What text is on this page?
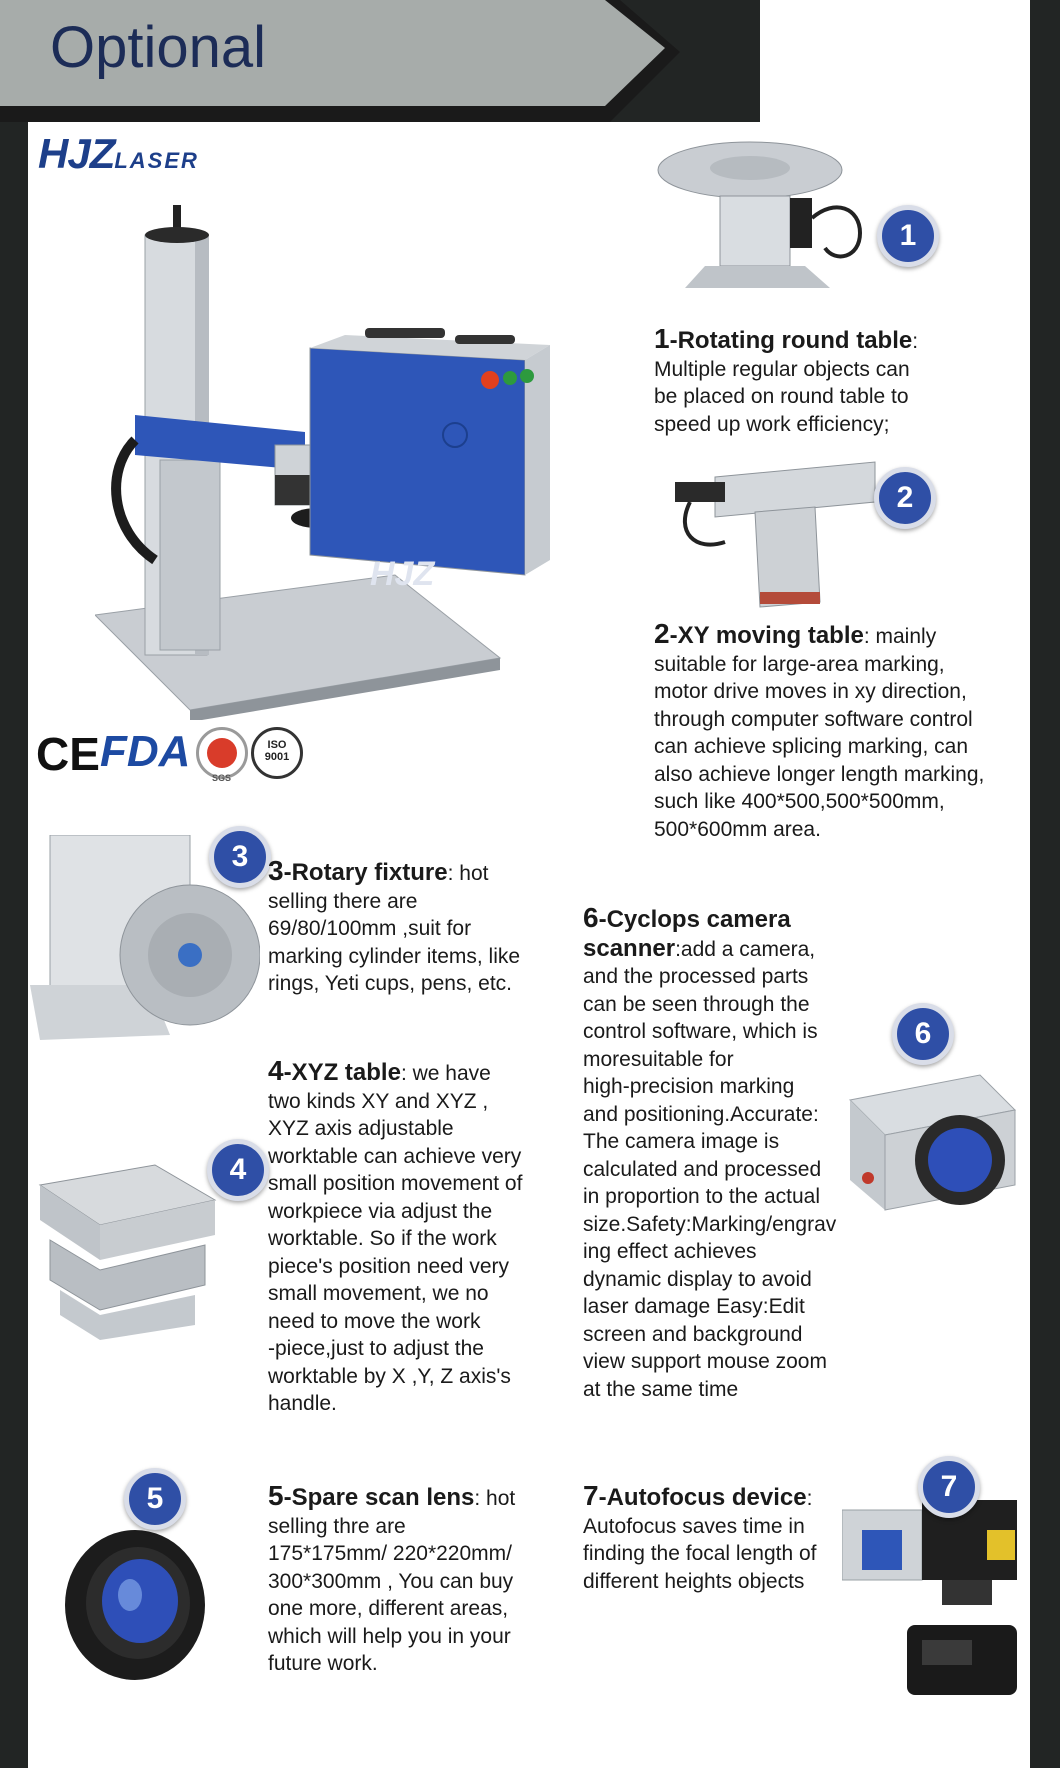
Optional
HJZLASER
HJZ
CE FDA
SGS
ISO
9001
1
1-Rotating round table:
Multiple regular objects can
be placed on round table to
speed up work efficiency;
2
2-XY moving table: mainly
suitable for large-area marking,
motor drive moves in xy direction,
through computer software control
can achieve splicing marking, can
also achieve longer length marking,
such like 400*500,500*500mm,
500*600mm area.
3 3-Rotary fixture: hot
selling there are
69/80/100mm ,suit for
marking cylinder items, like
rings, Yeti cups, pens, etc.
4
4-XYZ table: we have
two kinds XY and XYZ ,
XYZ axis adjustable
worktable can achieve very
small position movement of
workpiece via adjust the
worktable. So if the work
piece's position need very
small movement, we no
need to move the work
-piece,just to adjust the
worktable by X ,Y, Z axis's
handle.
5	5-Spare scan lens: hot
selling thre are
175*175mm/ 220*220mm/
300*300mm , You can buy
one more, different areas,
which will help you in your
future work.
6-Cyclops camera
scanner:add a camera,
and the processed parts
can be seen through the
control software, which is
moresuitable for
high-precision marking
and positioning.Accurate:
The camera image is
calculated and processed
in proportion to the actual
size.Safety:Marking/engrav
ing effect achieves
dynamic display to avoid
laser damage Easy:Edit
screen and background
view support mouse zoom
at the same time
6
7-Autofocus device:
Autofocus saves time in
finding the focal length of
different heights objects
7
